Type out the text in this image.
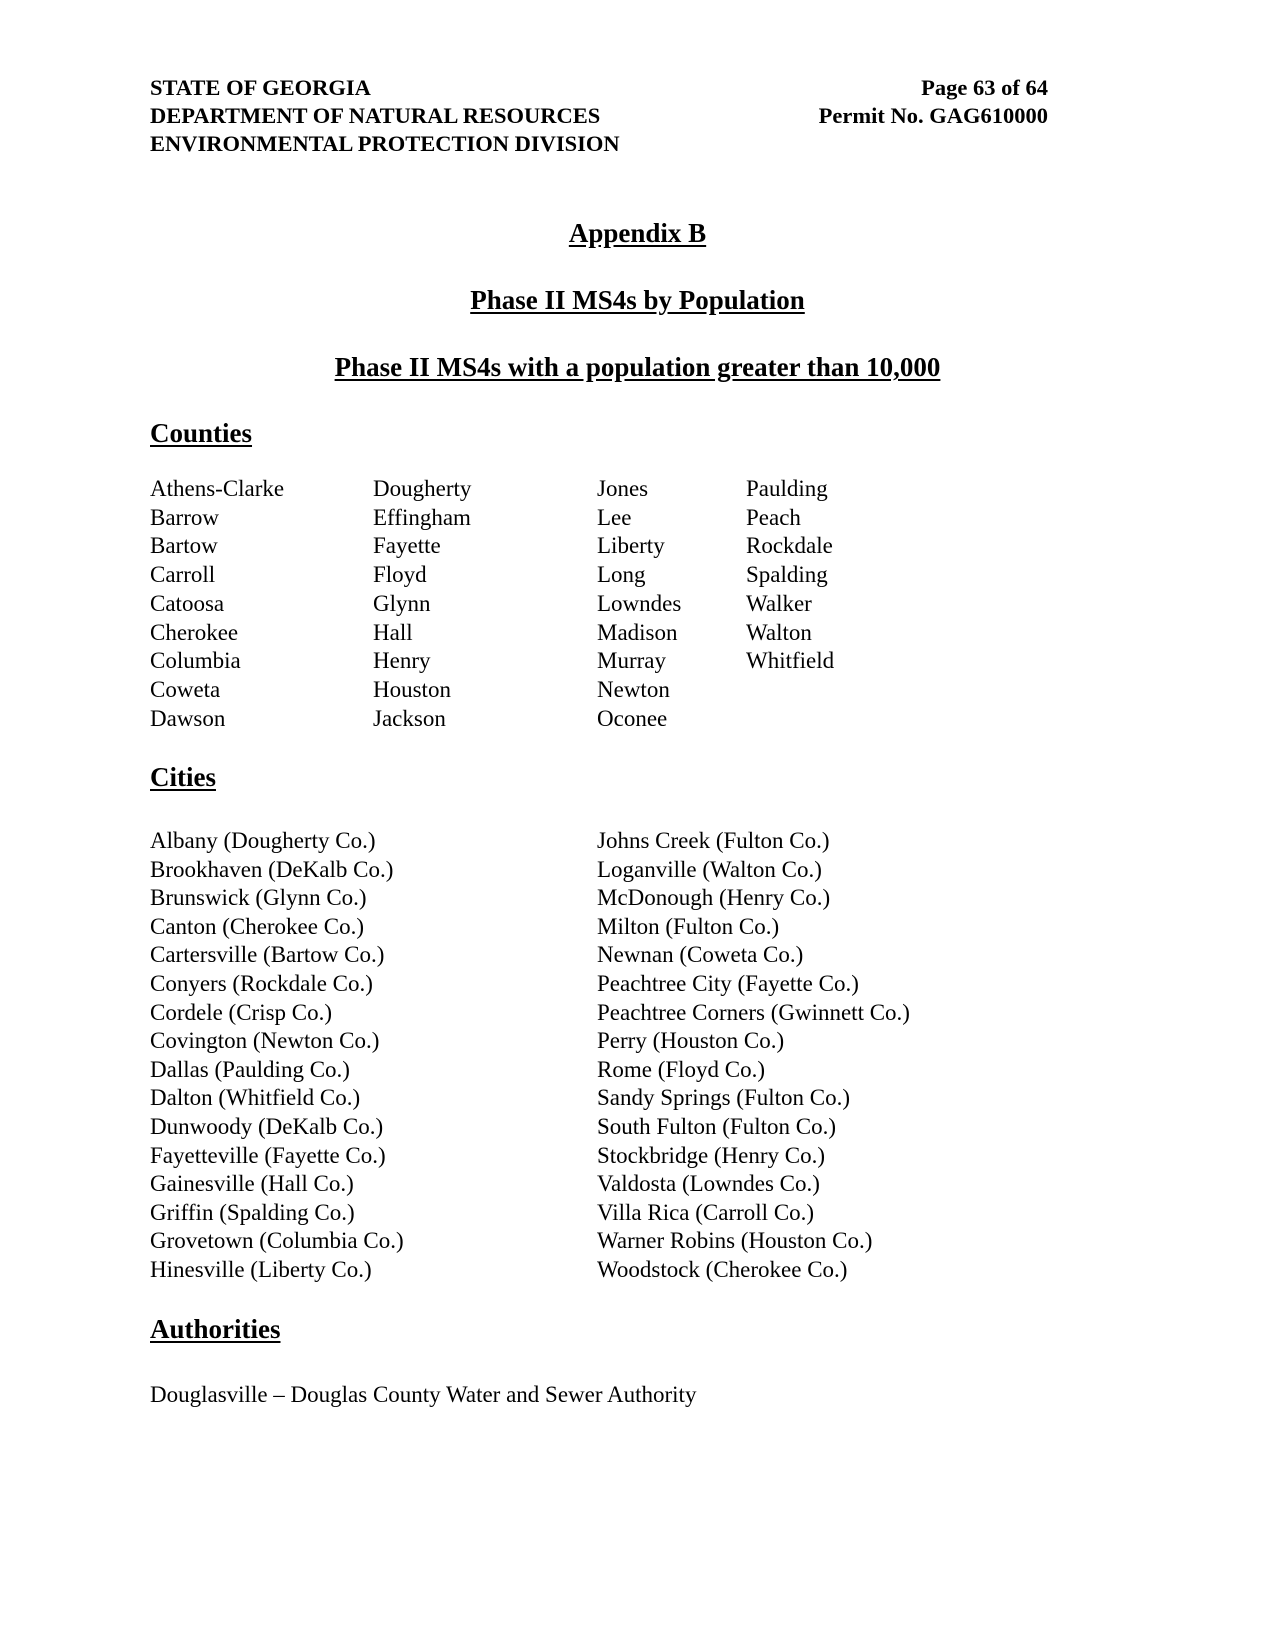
STATE OF GEORGIA
DEPARTMENT OF NATURAL RESOURCES
ENVIRONMENTAL PROTECTION DIVISION
Page 63 of 64
Permit No. GAG610000
Appendix B
Phase II MS4s by Population
Phase II MS4s with a population greater than 10,000
Counties
Athens-Clarke
Barrow
Bartow
Carroll
Catoosa
Cherokee
Columbia
Coweta
Dawson
Dougherty
Effingham
Fayette
Floyd
Glynn
Hall
Henry
Houston
Jackson
Jones
Lee
Liberty
Long
Lowndes
Madison
Murray
Newton
Oconee
Paulding
Peach
Rockdale
Spalding
Walker
Walton
Whitfield
Cities
Albany (Dougherty Co.)
Brookhaven (DeKalb Co.)
Brunswick (Glynn Co.)
Canton (Cherokee Co.)
Cartersville (Bartow Co.)
Conyers (Rockdale Co.)
Cordele (Crisp Co.)
Covington (Newton Co.)
Dallas (Paulding Co.)
Dalton (Whitfield Co.)
Dunwoody (DeKalb Co.)
Fayetteville (Fayette Co.)
Gainesville (Hall Co.)
Griffin (Spalding Co.)
Grovetown (Columbia Co.)
Hinesville (Liberty Co.)
Johns Creek (Fulton Co.)
Loganville (Walton Co.)
McDonough (Henry Co.)
Milton (Fulton Co.)
Newnan (Coweta Co.)
Peachtree City (Fayette Co.)
Peachtree Corners (Gwinnett Co.)
Perry (Houston Co.)
Rome (Floyd Co.)
Sandy Springs (Fulton Co.)
South Fulton (Fulton Co.)
Stockbridge (Henry Co.)
Valdosta (Lowndes Co.)
Villa Rica (Carroll Co.)
Warner Robins (Houston Co.)
Woodstock (Cherokee Co.)
Authorities
Douglasville – Douglas County Water and Sewer Authority
